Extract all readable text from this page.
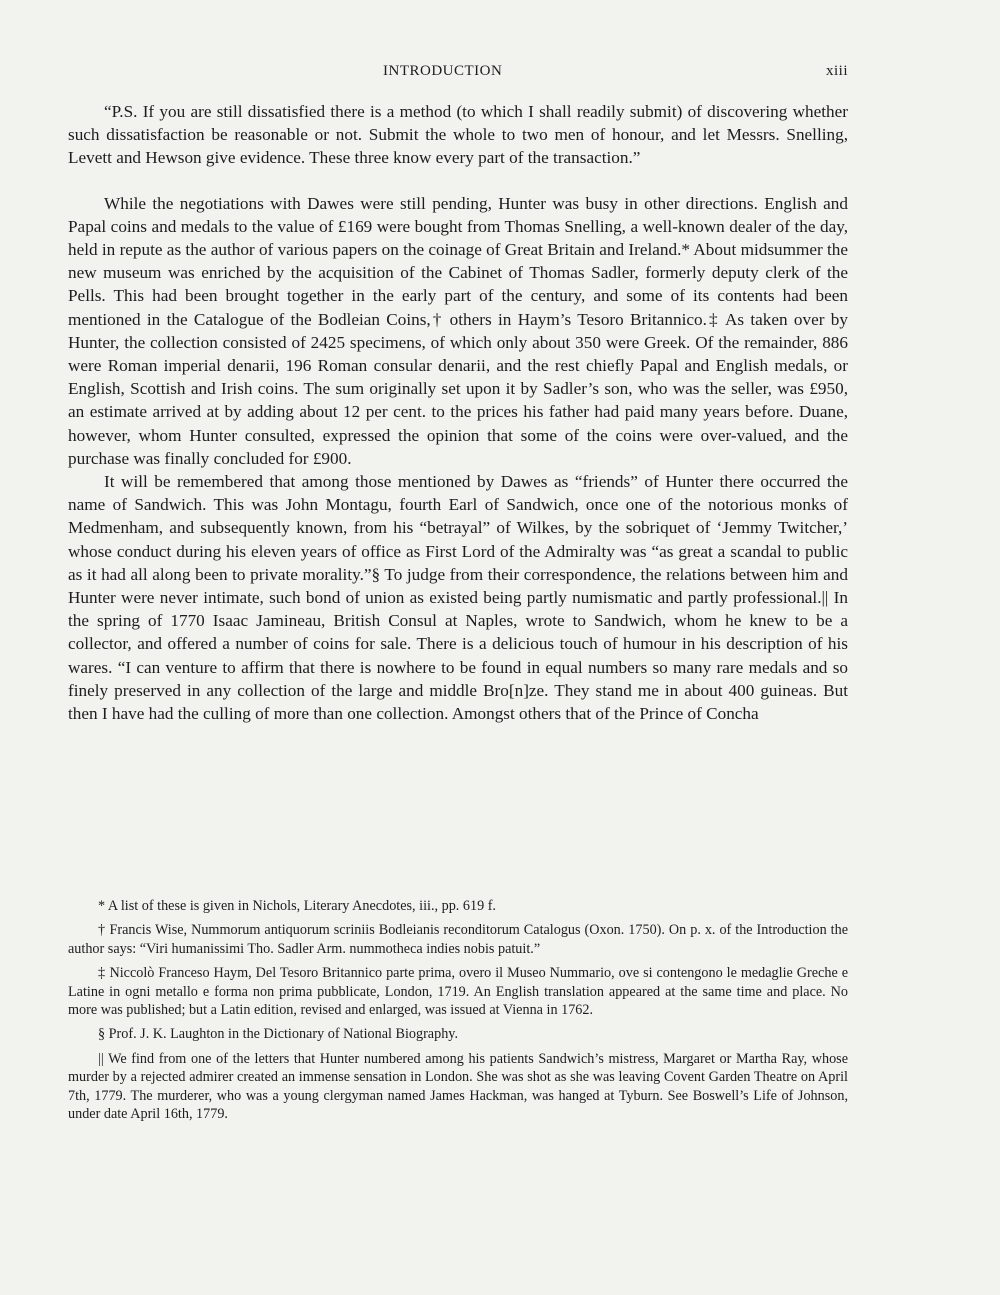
INTRODUCTION	xiii

“P.S. If you are still dissatisfied there is a method (to which I shall readily submit) of discovering whether such dissatisfaction be reasonable or not. Submit the whole to two men of honour, and let Messrs. Snelling, Levett and Hewson give evidence. These three know every part of the transaction.”

While the negotiations with Dawes were still pending, Hunter was busy in other directions. English and Papal coins and medals to the value of £169 were bought from Thomas Snelling, a well-known dealer of the day, held in repute as the author of various papers on the coinage of Great Britain and Ireland.* About midsummer the new museum was enriched by the acquisition of the Cabinet of Thomas Sadler, formerly deputy clerk of the Pells. This had been brought together in the early part of the century, and some of its contents had been mentioned in the Catalogue of the Bodleian Coins,† others in Haym’s Tesoro Britannico.‡ As taken over by Hunter, the collection consisted of 2425 specimens, of which only about 350 were Greek. Of the remainder, 886 were Roman imperial denarii, 196 Roman consular denarii, and the rest chiefly Papal and English medals, or English, Scottish and Irish coins. The sum originally set upon it by Sadler’s son, who was the seller, was £950, an estimate arrived at by adding about 12 per cent. to the prices his father had paid many years before. Duane, however, whom Hunter consulted, expressed the opinion that some of the coins were over-valued, and the purchase was finally concluded for £900.

It will be remembered that among those mentioned by Dawes as “friends” of Hunter there occurred the name of Sandwich. This was John Montagu, fourth Earl of Sandwich, once one of the notorious monks of Medmenham, and subsequently known, from his “betrayal” of Wilkes, by the sobriquet of ‘Jemmy Twitcher,’ whose conduct during his eleven years of office as First Lord of the Admiralty was “as great a scandal to public as it had all along been to private morality.”§ To judge from their correspondence, the relations between him and Hunter were never intimate, such bond of union as existed being partly numismatic and partly professional.|| In the spring of 1770 Isaac Jamineau, British Consul at Naples, wrote to Sandwich, whom he knew to be a collector, and offered a number of coins for sale. There is a delicious touch of humour in his description of his wares. “I can venture to affirm that there is nowhere to be found in equal numbers so many rare medals and so finely preserved in any collection of the large and middle Bro[n]ze. They stand me in about 400 guineas. But then I have had the culling of more than one collection. Amongst others that of the Prince of Concha

* A list of these is given in Nichols, Literary Anecdotes, iii., pp. 619 f.

† Francis Wise, Nummorum antiquorum scriniis Bodleianis reconditorum Catalogus (Oxon. 1750). On p. x. of the Introduction the author says: “Viri humanissimi Tho. Sadler Arm. nummotheca indies nobis patuit.”

‡ Niccolò Franceso Haym, Del Tesoro Britannico parte prima, overo il Museo Nummario, ove si contengono le medaglie Greche e Latine in ogni metallo e forma non prima pubblicate, London, 1719. An English translation appeared at the same time and place. No more was published; but a Latin edition, revised and enlarged, was issued at Vienna in 1762.

§ Prof. J. K. Laughton in the Dictionary of National Biography.

|| We find from one of the letters that Hunter numbered among his patients Sandwich’s mistress, Margaret or Martha Ray, whose murder by a rejected admirer created an immense sensation in London. She was shot as she was leaving Covent Garden Theatre on April 7th, 1779. The murderer, who was a young clergyman named James Hackman, was hanged at Tyburn. See Boswell’s Life of Johnson, under date April 16th, 1779.
